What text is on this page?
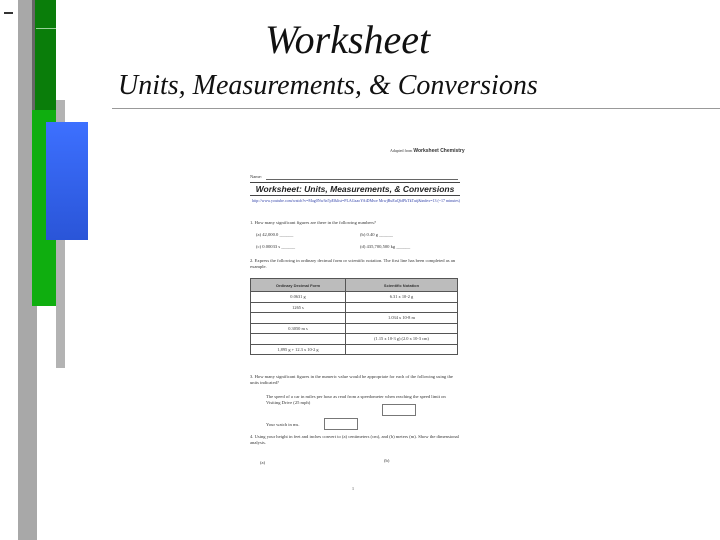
Worksheet
Units, Measurements, & Conversions
Adapted from Worksheet Chemistry
Name:
Worksheet: Units, Measurements, & Conversions
http://www.youtube.com/watch?v=Mag0Nw3n7pE&list=PLAGzaoYAtDMwe MrwjBuEuQbfPkTkTutj&index=13 (~17 minutes)
1. How many significant figures are there in the following numbers?
(a) 42,000.0 ______	(b) 0.40 g ______
(c) 0.00033 s ______	(d) 435,700,500 kg ______
2. Express the following in ordinary decimal form or scientific notation. The first line has been completed as an example.
Ordinary Decimal Form	Scientific Notation
0.0631 g	6.31 x 10-2 g
1265 s	
	1.034 x 10-8 m
0.3050 m s	
	(1.15 x 10-3 g) (2.0 x 10-3 cm)
1,895 g + 12.3 x 10-2 g	
3. How many significant figures in the numeric value would be appropriate for each of the following using the units indicated?
The speed of a car in miles per hour as read from a speedometer when reaching the speed limit on Visiting Drive (25 mph)
Your watch in ms.
4. Using your height in feet and inches convert to (a) centimeters (cm), and (b) meters (m). Show the dimensional analysis.
(a)	(b)
1
